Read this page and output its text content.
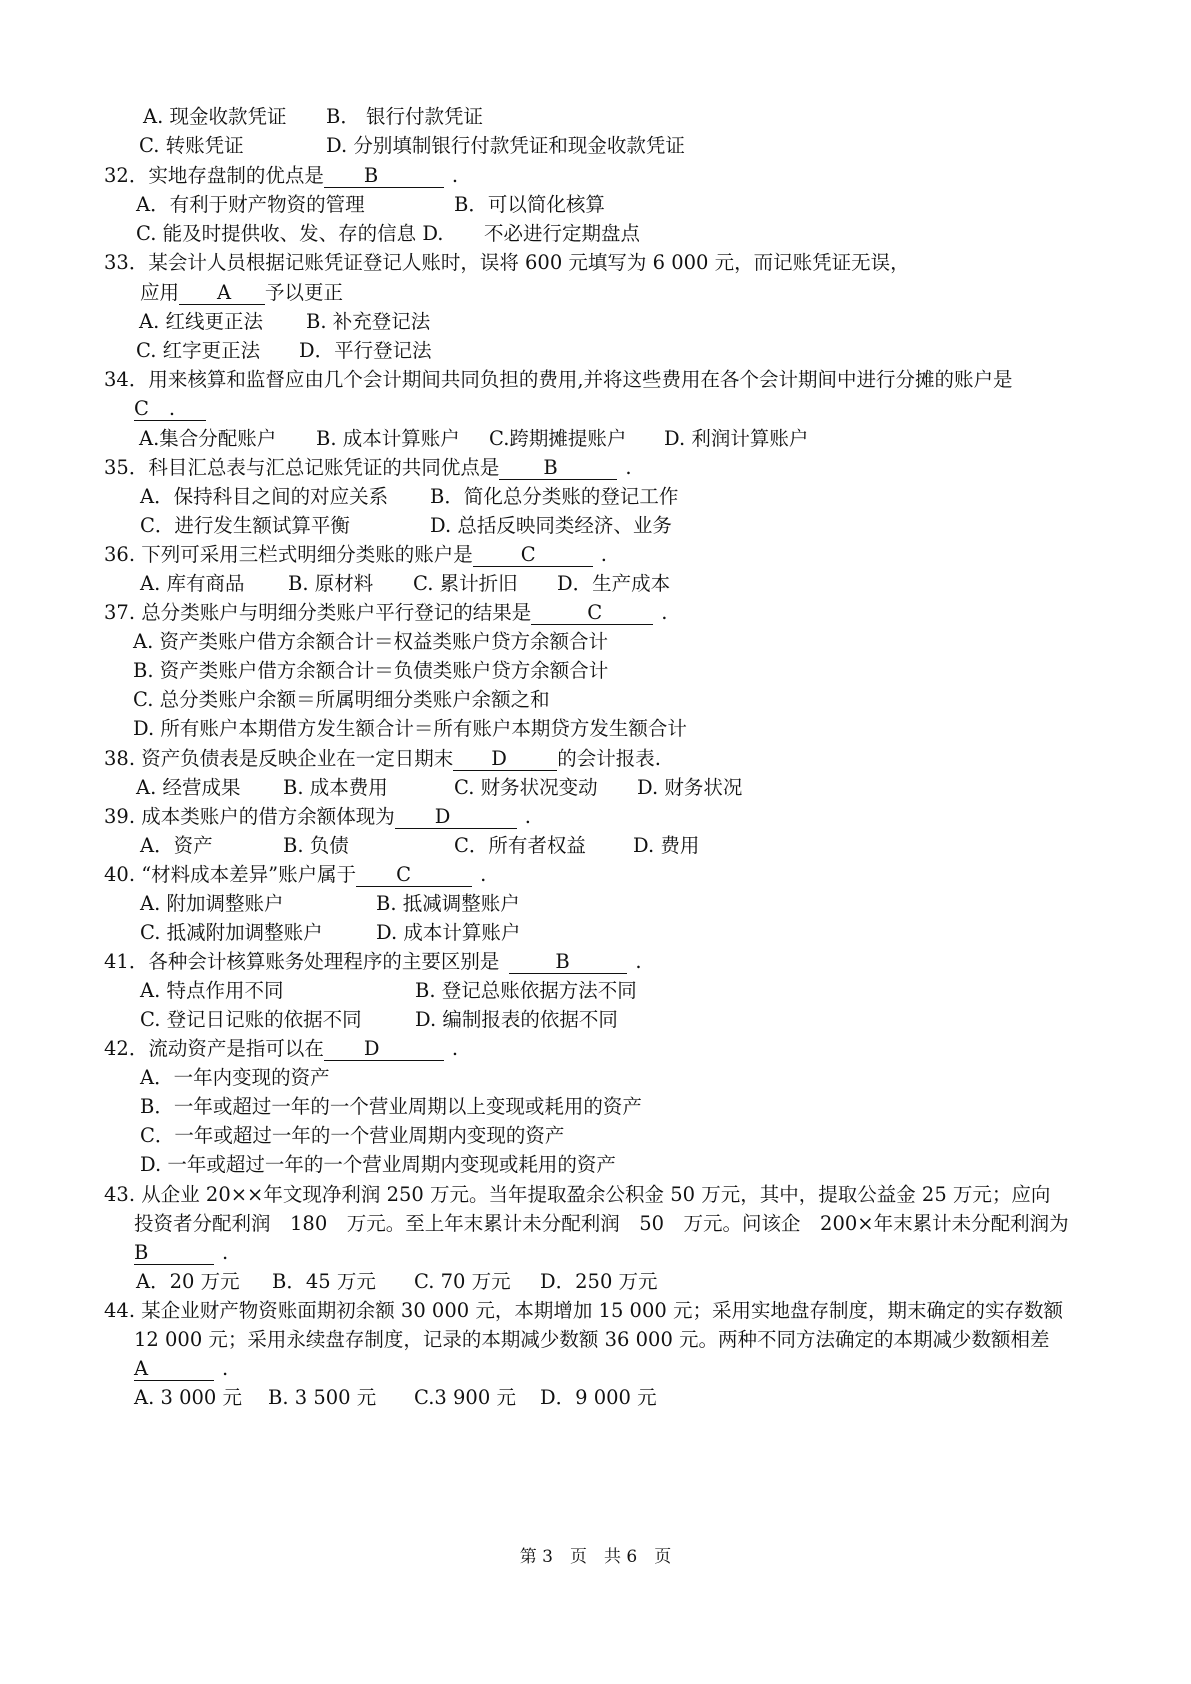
A. 现金收款凭证 B． 银行付款凭证
C. 转账凭证	D. 分别填制银行付款凭证和现金收款凭证
32．实地存盘制的优点是 B	.
A．有利于财产物资的管理	B．可以简化核算
C. 能及时提供收、发、存的信息 D. 不必进行定期盘点
33．某会计人员根据记账凭证登记人账时，误将 600 元填写为 6 000 元，而记账凭证无误，
应用 A 予以更正
A. 红线更正法 B. 补充登记法
C. 红字更正法 D．平行登记法
34．用来核算和监督应由几个会计期间共同负担的费用,并将这些费用在各个会计期间中进行分摊的账户是
C .
A.集合分配账户 B. 成本计算账户 C.跨期摊提账户 D. 利润计算账户
35．科目汇总表与汇总记账凭证的共同优点是 B	.
A．保持科目之间的对应关系 B．简化总分类账的登记工作
C．进行发生额试算平衡	D. 总括反映同类经济、业务
36. 下列可采用三栏式明细分类账的账户是 C	.
A. 库有商品 B. 原材料 C. 累计折旧 D．生产成本
37. 总分类账户与明细分类账户平行登记的结果是	C	.
A. 资产类账户借方余额合计＝权益类账户贷方余额合计
B. 资产类账户借方余额合计＝负债类账户贷方余额合计
C. 总分类账户余额＝所属明细分类账户余额之和
D. 所有账户本期借方发生额合计＝所有账户本期贷方发生额合计
38. 资产负债表是反映企业在一定日期末 D	的会计报表.
A. 经营成果 B. 成本费用	C. 财务状况变动 D. 财务状况
39. 成本类账户的借方余额体现为 D	.
A．资产	B. 负债	C．所有者权益 D. 费用
40. “材料成本差异”账户属于 C	.
A. 附加调整账户	B. 抵减调整账户
C. 抵减附加调整账户	D. 成本计算账户
41．各种会计核算账务处理程序的主要区别是	B	.
A. 特点作用不同	B. 登记总账依据方法不同
C. 登记日记账的依据不同	D. 编制报表的依据不同
42．流动资产是指可以在 D	.
A．一年内变现的资产
B．一年或超过一年的一个营业周期以上变现或耗用的资产
C．一年或超过一年的一个营业周期内变现的资产
D. 一年或超过一年的一个营业周期内变现或耗用的资产
43. 从企业 20××年文现净利润 250 万元。当年提取盈余公积金 50 万元，其中，提取公益金 25 万元；应向
投资者分配利润　180　万元。至上年末累计未分配利润　50　万元。问该企　200×年末累计未分配利润为
B	.
A．20 万元 B．45 万元 C. 70 万元 D．250 万元
44. 某企业财产物资账面期初余额 30 000 元，本期增加 15 000 元；采用实地盘存制度，期末确定的实存数额
12 000 元；采用永续盘存制度，记录的本期减少数额 36 000 元。两种不同方法确定的本期减少数额相差
A	.
A. 3 000 元 B. 3 500 元 C.3 900 元 D．9 000 元
第 3　页　共 6　页
